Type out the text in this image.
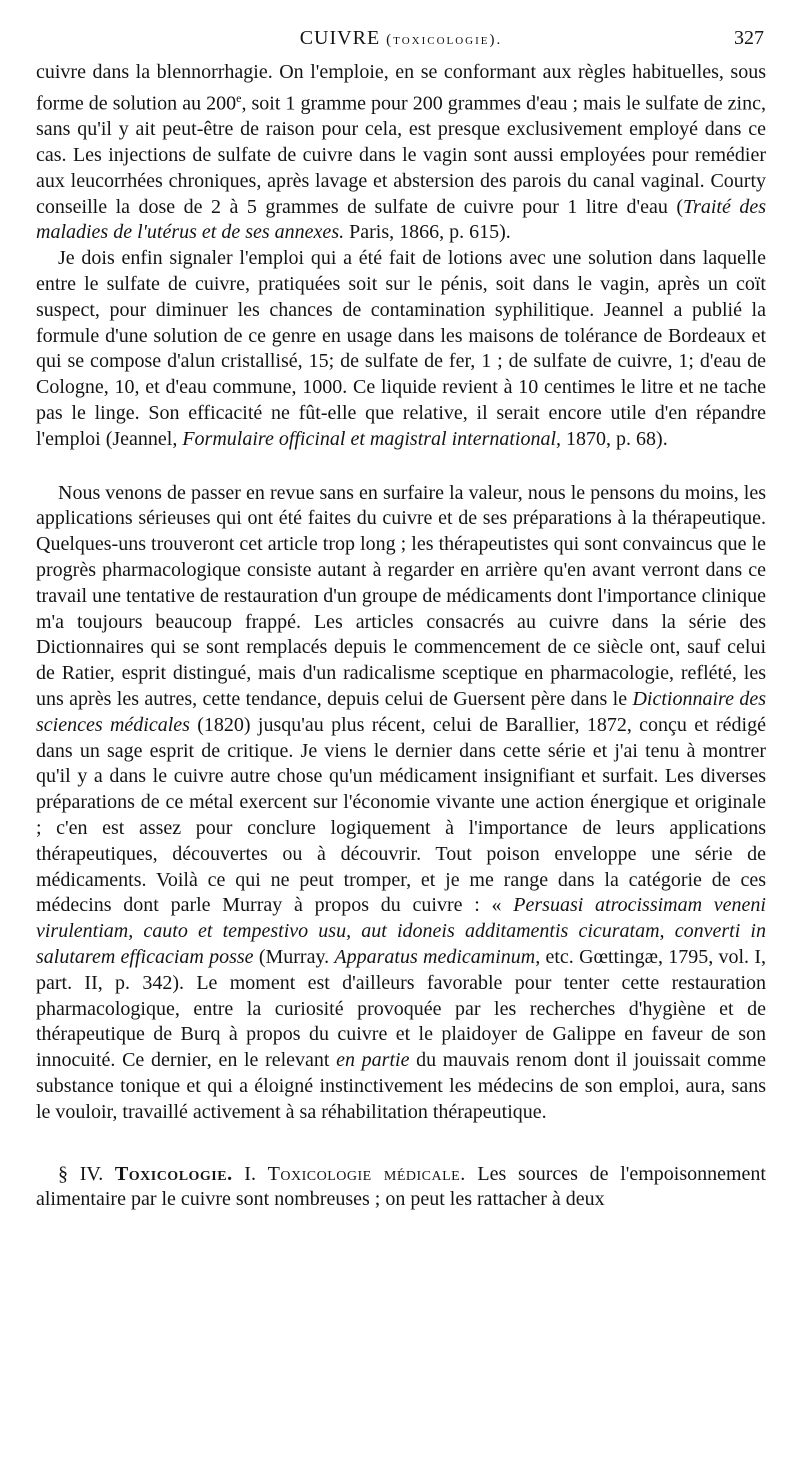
CUIVRE (toxicologie).	327

cuivre dans la blennorrhagie. On l'emploie, en se conformant aux règles habituelles, sous forme de solution au 200e, soit 1 gramme pour 200 grammes d'eau ; mais le sulfate de zinc, sans qu'il y ait peut-être de raison pour cela, est presque exclusivement employé dans ce cas. Les injections de sulfate de cuivre dans le vagin sont aussi employées pour remédier aux leucorrhées chroniques, après lavage et abstersion des parois du canal vaginal. Courty conseille la dose de 2 à 5 grammes de sulfate de cuivre pour 1 litre d'eau (Traité des maladies de l'utérus et de ses annexes. Paris, 1866, p. 615).

Je dois enfin signaler l'emploi qui a été fait de lotions avec une solution dans laquelle entre le sulfate de cuivre, pratiquées soit sur le pénis, soit dans le vagin, après un coït suspect, pour diminuer les chances de contamination syphilitique. Jeannel a publié la formule d'une solution de ce genre en usage dans les maisons de tolérance de Bordeaux et qui se compose d'alun cristallisé, 15; de sulfate de fer, 1 ; de sulfate de cuivre, 1; d'eau de Cologne, 10, et d'eau commune, 1000. Ce liquide revient à 10 centimes le litre et ne tache pas le linge. Son efficacité ne fût-elle que relative, il serait encore utile d'en répandre l'emploi (Jeannel, Formulaire officinal et magistral international, 1870, p. 68).

Nous venons de passer en revue sans en surfaire la valeur, nous le pensons du moins, les applications sérieuses qui ont été faites du cuivre et de ses préparations à la thérapeutique. Quelques-uns trouveront cet article trop long ; les thérapeutistes qui sont convaincus que le progrès pharmacologique consiste autant à regarder en arrière qu'en avant verront dans ce travail une tentative de restauration d'un groupe de médicaments dont l'importance clinique m'a toujours beaucoup frappé. Les articles consacrés au cuivre dans la série des Dictionnaires qui se sont remplacés depuis le commencement de ce siècle ont, sauf celui de Ratier, esprit distingué, mais d'un radicalisme sceptique en pharmacologie, reflété, les uns après les autres, cette tendance, depuis celui de Guersent père dans le Dictionnaire des sciences médicales (1820) jusqu'au plus récent, celui de Barallier, 1872, conçu et rédigé dans un sage esprit de critique. Je viens le dernier dans cette série et j'ai tenu à montrer qu'il y a dans le cuivre autre chose qu'un médicament insignifiant et surfait. Les diverses préparations de ce métal exercent sur l'économie vivante une action énergique et originale ; c'en est assez pour conclure logiquement à l'importance de leurs applications thérapeutiques, découvertes ou à découvrir. Tout poison enveloppe une série de médicaments. Voilà ce qui ne peut tromper, et je me range dans la catégorie de ces médecins dont parle Murray à propos du cuivre : « Persuasi atrocissimam veneni virulentiam, cauto et tempestivo usu, aut idoneis additamentis cicuratam, converti in salutarem efficaciam posse (Murray. Apparatus medicaminum, etc. Gœttingæ, 1795, vol. I, part. II, p. 342). Le moment est d'ailleurs favorable pour tenter cette restauration pharmacologique, entre la curiosité provoquée par les recherches d'hygiène et de thérapeutique de Burq à propos du cuivre et le plaidoyer de Galippe en faveur de son innocuité. Ce dernier, en le relevant en partie du mauvais renom dont il jouissait comme substance tonique et qui a éloigné instinctivement les médecins de son emploi, aura, sans le vouloir, travaillé activement à sa réhabilitation thérapeutique.

§ IV. Toxicologie. I. Toxicologie médicale. Les sources de l'empoisonnement alimentaire par le cuivre sont nombreuses ; on peut les rattacher à deux
